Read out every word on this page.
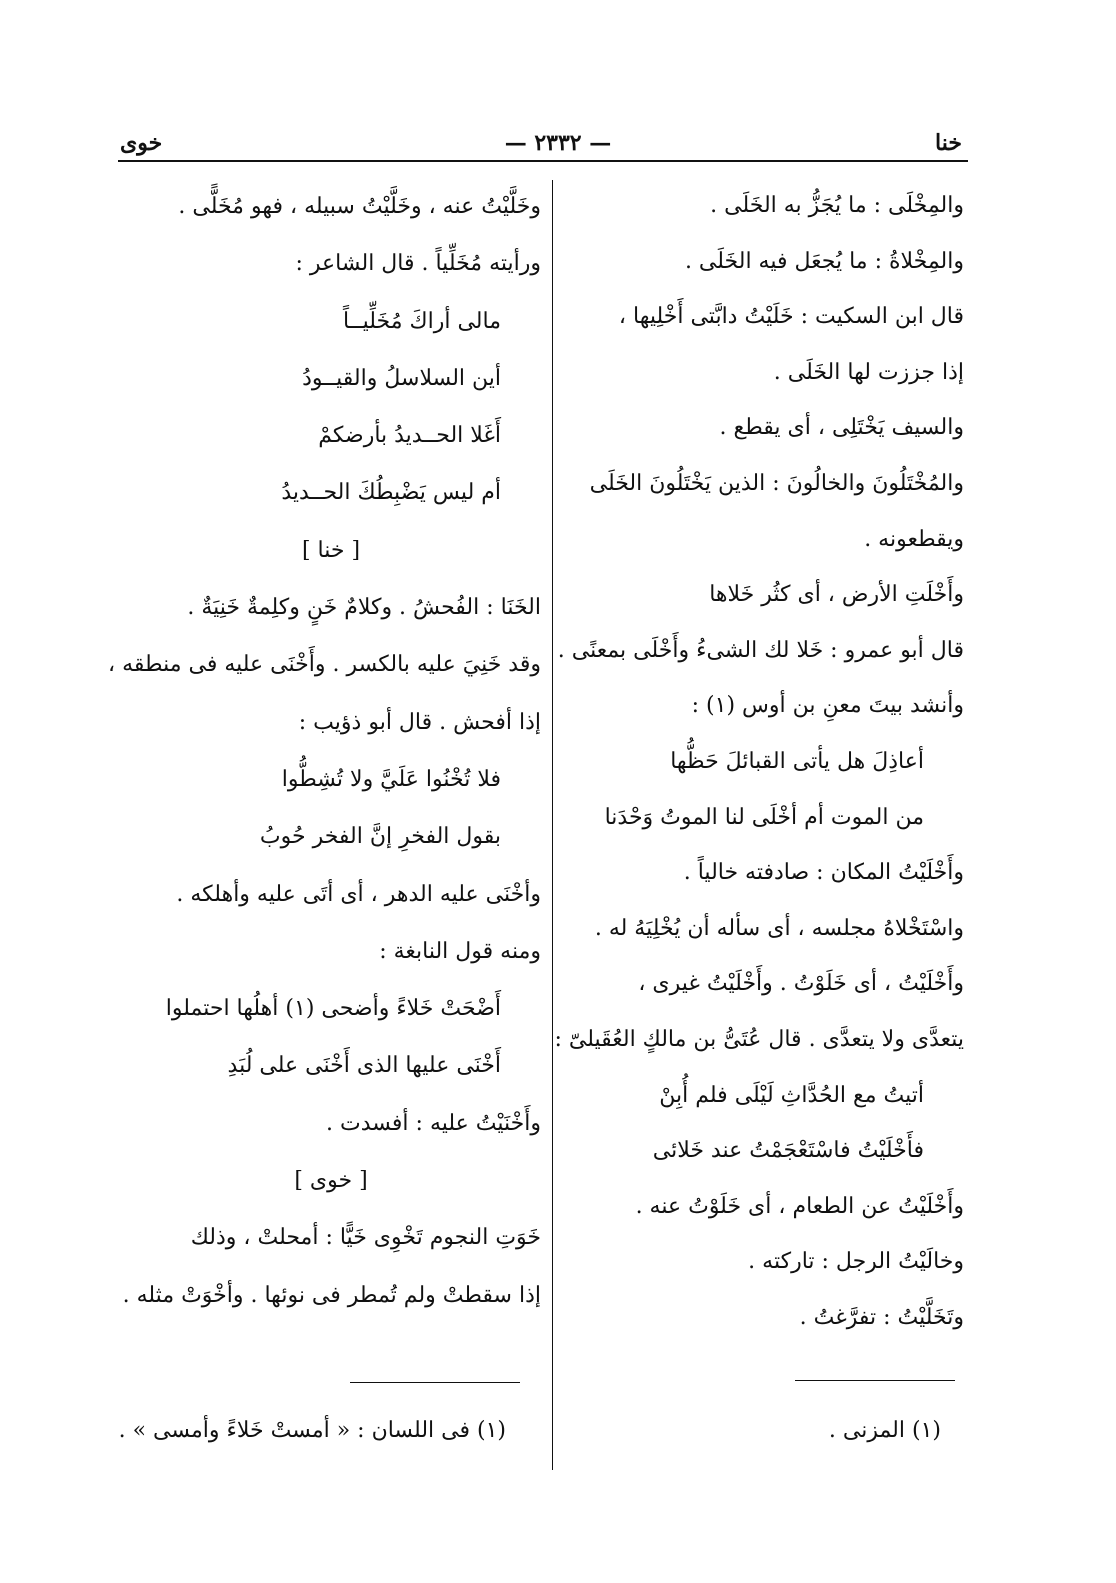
خنا
— ٢٣٣٢ —
خوى
والمِخْلَى : ما يُجَزُّ به الخَلَى .
والمِخْلاةُ : ما يُجعَل فيه الخَلَى .
قال ابن السكيت : خَلَيْتُ دابَّتى أَخْلِيها ،
إذا جززت لها الخَلَى .
والسيف يَخْتَلِى ، أى يقطع .
والمُخْتَلُونَ والخالُونَ : الذين يَخْتَلُونَ الخَلَى
ويقطعونه .
وأَخْلَتِ الأرض ، أى كثُر خَلاها
قال أبو عمرو : خَلا لك الشىءُ وأَخْلَى بمعنًى .
وأنشد بيتَ معنِ بن أوس (١) :
أعاذِلَ هل يأتى القبائلَ حَظُّها
من الموت أم أخْلَى لنا الموتُ وَحْدَنا
وأَخْلَيْتُ المكان : صادفته خالياً .
واسْتَخْلاهُ مجلسه ، أى سأله أن يُخْلِيَهُ له .
وأَخْلَيْتُ ، أى خَلَوْتُ . وأَخْلَيْتُ غيرى ،
يتعدَّى ولا يتعدَّى . قال عُتَىُّ بن مالكٍ العُقَيلىّ :
أتيتُ مع الحُدَّاثِ لَيْلَى فلم أُبِنْ
فأَخْلَيْتُ فاسْتَعْجَمْتُ عند خَلائى
وأَخْلَيْتُ عن الطعام ، أى خَلَوْتُ عنه .
وخالَيْتُ الرجل : تاركته .
وتَخَلَّيْتُ : تفرَّغتُ .
وخَلَّيْتُ عنه ، وخَلَّيْتُ سبيله ، فهو مُخَلًّى .
ورأيته مُخَلِّياً . قال الشاعر :
مالى أراكَ مُخَلِّيــاً
أين السلاسلُ والقيــودُ
أَغَلا الحــديدُ بأرضكمْ
أم ليس يَضْبِطُكَ الحــديدُ
[ خنا ]
الخَنَا : الفُحشُ . وكلامٌ خَنٍ وكلِمةٌ خَنِيَةٌ .
وقد خَنِيَ عليه بالكسر . وأَخْنَى عليه فى منطقه ،
إذا أفحش . قال أبو ذؤيب :
فلا تُخْنُوا عَلَيَّ ولا تُشِطُّوا
بقول الفخرِ إنَّ الفخر حُوبُ
وأخْنَى عليه الدهر ، أى أتَى عليه وأهلكه .
ومنه قول النابغة :
أَضْحَتْ خَلاءً وأضحى (١) أهلُها احتملوا
أَخْنَى عليها الذى أَخْنَى على لُبَدِ
وأَخْنَيْتُ عليه : أفسدت .
[ خوى ]
خَوَتِ النجوم تَخْوِى خَيًّا : أمحلتْ ، وذلك
إذا سقطتْ ولم تُمطر فى نوئها . وأخْوَتْ مثله .
(١) المزنى .
(١) فى اللسان : « أمستْ خَلاءً وأمسى » .
